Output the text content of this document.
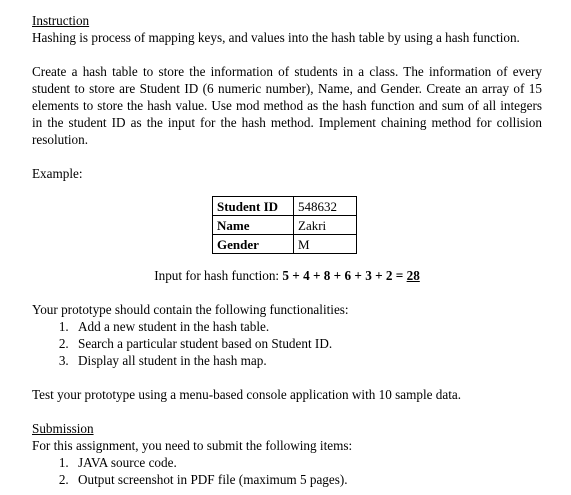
Instruction

Hashing is process of mapping keys, and values into the hash table by using a hash function.

Create a hash table to store the information of students in a class. The information of every student to store are Student ID (6 numeric number), Name, and Gender. Create an array of 15 elements to store the hash value. Use mod method as the hash function and sum of all integers in the student ID as the input for the hash method. Implement chaining method for collision resolution.

Example:

Student ID	548632
Name	Zakri
Gender	M

Input for hash function: 5 + 4 + 8 + 6 + 3 + 2 = 28

Your prototype should contain the following functionalities:

1. Add a new student in the hash table.
2. Search a particular student based on Student ID.
3. Display all student in the hash map.

Test your prototype using a menu-based console application with 10 sample data.

Submission

For this assignment, you need to submit the following items:

1. JAVA source code.
2. Output screenshot in PDF file (maximum 5 pages).
